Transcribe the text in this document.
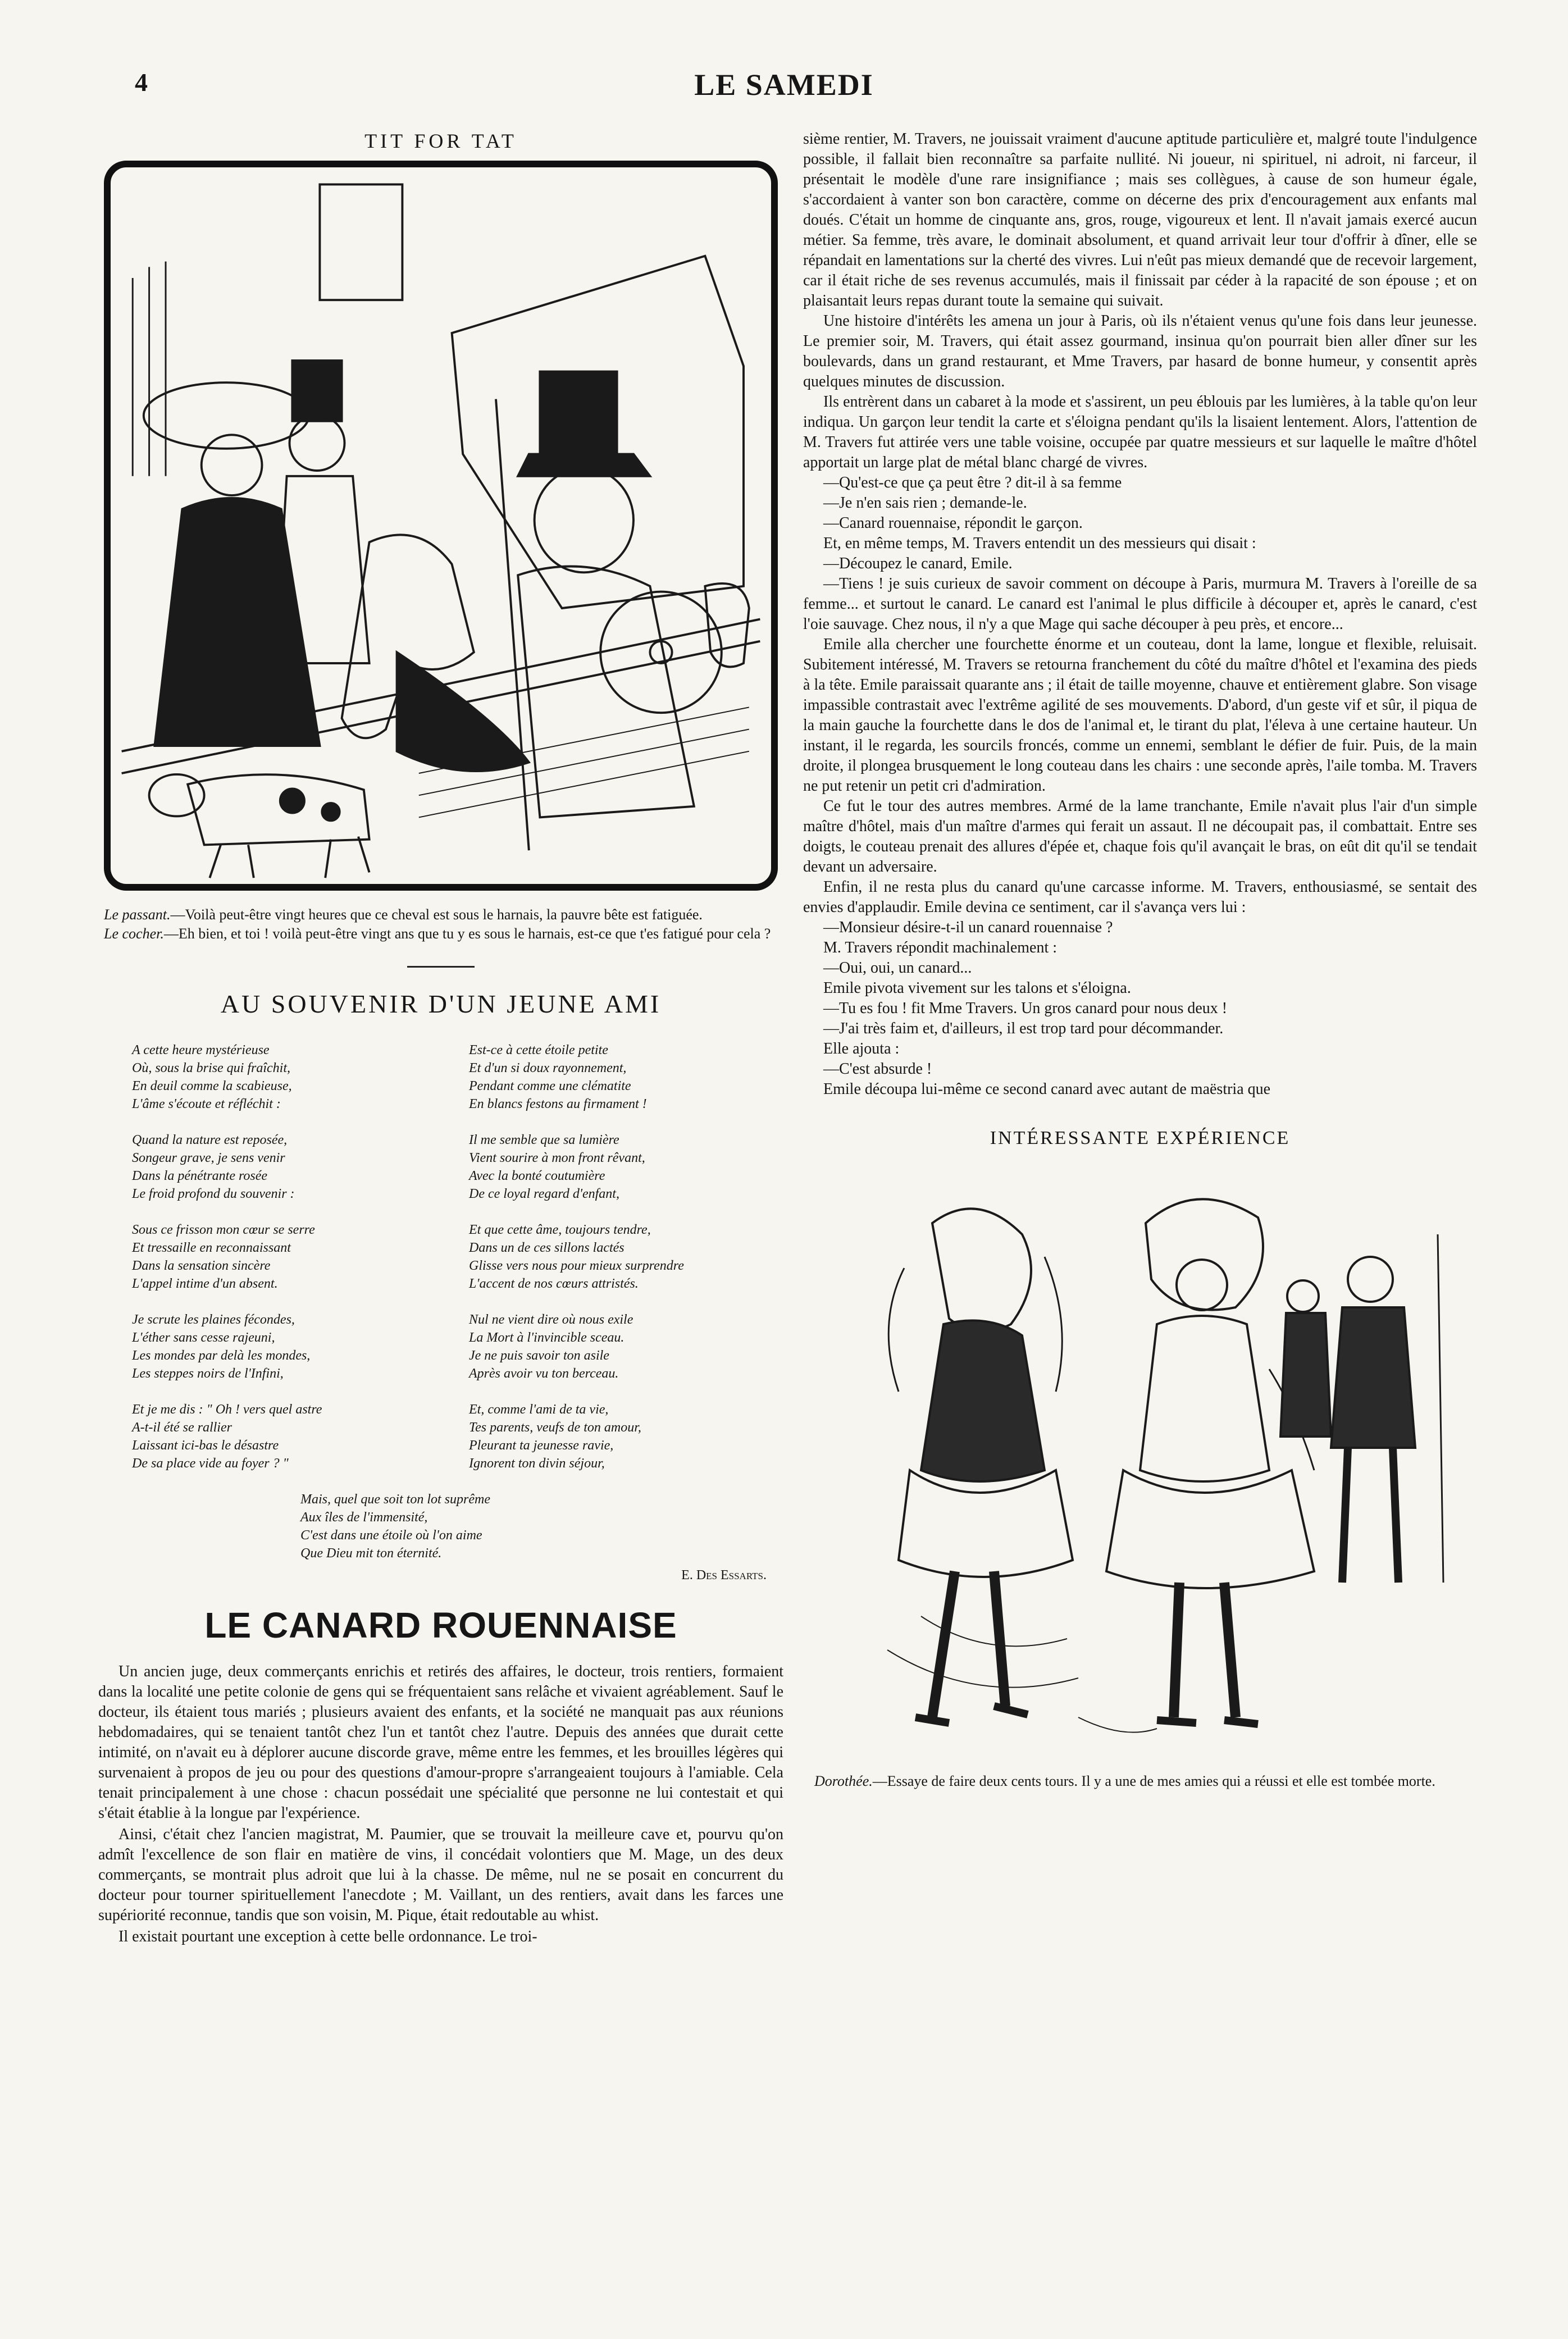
4	LE SAMEDI
TIT FOR TAT
Le passant.—Voilà peut-être vingt heures que ce cheval est sous le harnais, la pauvre bête est fatiguée.
Le cocher.—Eh bien, et toi ! voilà peut-être vingt ans que tu y es sous le harnais, est-ce que t'es fatigué pour cela ?
AU SOUVENIR D'UN JEUNE AMI
A cette heure mystérieuse
Où, sous la brise qui fraîchit,
En deuil comme la scabieuse,
L'âme s'écoute et réfléchit :
Quand la nature est reposée,
Songeur grave, je sens venir
Dans la pénétrante rosée
Le froid profond du souvenir :
Sous ce frisson mon cœur se serre
Et tressaille en reconnaissant
Dans la sensation sincère
L'appel intime d'un absent.
Je scrute les plaines fécondes,
L'éther sans cesse rajeuni,
Les mondes par delà les mondes,
Les steppes noirs de l'Infini,
Et je me dis : " Oh ! vers quel astre
A-t-il été se rallier
Laissant ici-bas le désastre
De sa place vide au foyer ? "
Est-ce à cette étoile petite
Et d'un si doux rayonnement,
Pendant comme une clématite
En blancs festons au firmament !
Il me semble que sa lumière
Vient sourire à mon front rêvant,
Avec la bonté coutumière
De ce loyal regard d'enfant,
Et que cette âme, toujours tendre,
Dans un de ces sillons lactés
Glisse vers nous pour mieux surprendre
L'accent de nos cœurs attristés.
Nul ne vient dire où nous exile
La Mort à l'invincible sceau.
Je ne puis savoir ton asile
Après avoir vu ton berceau.
Et, comme l'ami de ta vie,
Tes parents, veufs de ton amour,
Pleurant ta jeunesse ravie,
Ignorent ton divin séjour,
Mais, quel que soit ton lot suprême
Aux îles de l'immensité,
C'est dans une étoile où l'on aime
Que Dieu mit ton éternité.
E. Des Essarts.
LE CANARD ROUENNAISE

Un ancien juge, deux commerçants enrichis et retirés des affaires, le docteur, trois rentiers, formaient dans la localité une petite colonie de gens qui se fréquentaient sans relâche et vivaient agréablement. Sauf le docteur, ils étaient tous mariés ; plusieurs avaient des enfants, et la société ne manquait pas aux réunions hebdomadaires, qui se tenaient tantôt chez l'un et tantôt chez l'autre. Depuis des années que durait cette intimité, on n'avait eu à déplorer aucune discorde grave, même entre les femmes, et les brouilles légères qui survenaient à propos de jeu ou pour des questions d'amour-propre s'arrangeaient toujours à l'amiable. Cela tenait principalement à une chose : chacun possédait une spécialité que personne ne lui contestait et qui s'était établie à la longue par l'expérience.

Ainsi, c'était chez l'ancien magistrat, M. Paumier, que se trouvait la meilleure cave et, pourvu qu'on admît l'excellence de son flair en matière de vins, il concédait volontiers que M. Mage, un des deux commerçants, se montrait plus adroit que lui à la chasse. De même, nul ne se posait en concurrent du docteur pour tourner spirituellement l'anecdote ; M. Vaillant, un des rentiers, avait dans les farces une supériorité reconnue, tandis que son voisin, M. Pique, était redoutable au whist.

Il existait pourtant une exception à cette belle ordonnance. Le troi-

sième rentier, M. Travers, ne jouissait vraiment d'aucune aptitude particulière et, malgré toute l'indulgence possible, il fallait bien reconnaître sa parfaite nullité. Ni joueur, ni spirituel, ni adroit, ni farceur, il présentait le modèle d'une rare insignifiance ; mais ses collègues, à cause de son humeur égale, s'accordaient à vanter son bon caractère, comme on décerne des prix d'encouragement aux enfants mal doués. C'était un homme de cinquante ans, gros, rouge, vigoureux et lent. Il n'avait jamais exercé aucun métier. Sa femme, très avare, le dominait absolument, et quand arrivait leur tour d'offrir à dîner, elle se répandait en lamentations sur la cherté des vivres. Lui n'eût pas mieux demandé que de recevoir largement, car il était riche de ses revenus accumulés, mais il finissait par céder à la rapacité de son épouse ; et on plaisantait leurs repas durant toute la semaine qui suivait.

Une histoire d'intérêts les amena un jour à Paris, où ils n'étaient venus qu'une fois dans leur jeunesse. Le premier soir, M. Travers, qui était assez gourmand, insinua qu'on pourrait bien aller dîner sur les boulevards, dans un grand restaurant, et Mme Travers, par hasard de bonne humeur, y consentit après quelques minutes de discussion.

Ils entrèrent dans un cabaret à la mode et s'assirent, un peu éblouis par les lumières, à la table qu'on leur indiqua. Un garçon leur tendit la carte et s'éloigna pendant qu'ils la lisaient lentement. Alors, l'attention de M. Travers fut attirée vers une table voisine, occupée par quatre messieurs et sur laquelle le maître d'hôtel apportait un large plat de métal blanc chargé de vivres.

—Qu'est-ce que ça peut être ? dit-il à sa femme

—Je n'en sais rien ; demande-le.

—Canard rouennaise, répondit le garçon.

Et, en même temps, M. Travers entendit un des messieurs qui disait :

—Découpez le canard, Emile.

—Tiens ! je suis curieux de savoir comment on découpe à Paris, murmura M. Travers à l'oreille de sa femme... et surtout le canard. Le canard est l'animal le plus difficile à découper et, après le canard, c'est l'oie sauvage. Chez nous, il n'y a que Mage qui sache découper à peu près, et encore...

Emile alla chercher une fourchette énorme et un couteau, dont la lame, longue et flexible, reluisait. Subitement intéressé, M. Travers se retourna franchement du côté du maître d'hôtel et l'examina des pieds à la tête. Emile paraissait quarante ans ; il était de taille moyenne, chauve et entièrement glabre. Son visage impassible contrastait avec l'extrême agilité de ses mouvements. D'abord, d'un geste vif et sûr, il piqua de la main gauche la fourchette dans le dos de l'animal et, le tirant du plat, l'éleva à une certaine hauteur. Un instant, il le regarda, les sourcils froncés, comme un ennemi, semblant le défier de fuir. Puis, de la main droite, il plongea brusquement le long couteau dans les chairs : une seconde après, l'aile tomba. M. Travers ne put retenir un petit cri d'admiration.

Ce fut le tour des autres membres. Armé de la lame tranchante, Emile n'avait plus l'air d'un simple maître d'hôtel, mais d'un maître d'armes qui ferait un assaut. Il ne découpait pas, il combattait. Entre ses doigts, le couteau prenait des allures d'épée et, chaque fois qu'il avançait le bras, on eût dit qu'il se tendait devant un adversaire.

Enfin, il ne resta plus du canard qu'une carcasse informe. M. Travers, enthousiasmé, se sentait des envies d'applaudir. Emile devina ce sentiment, car il s'avança vers lui :

—Monsieur désire-t-il un canard rouennaise ?

M. Travers répondit machinalement :

—Oui, oui, un canard...

Emile pivota vivement sur les talons et s'éloigna.

—Tu es fou ! fit Mme Travers. Un gros canard pour nous deux !

—J'ai très faim et, d'ailleurs, il est trop tard pour décommander.

Elle ajouta :

—C'est absurde !

Emile découpa lui-même ce second canard avec autant de maëstria que

INTÉRESSANTE EXPÉRIENCE
Dorothée.—Essaye de faire deux cents tours. Il y a une de mes amies qui a réussi et elle est tombée morte.
